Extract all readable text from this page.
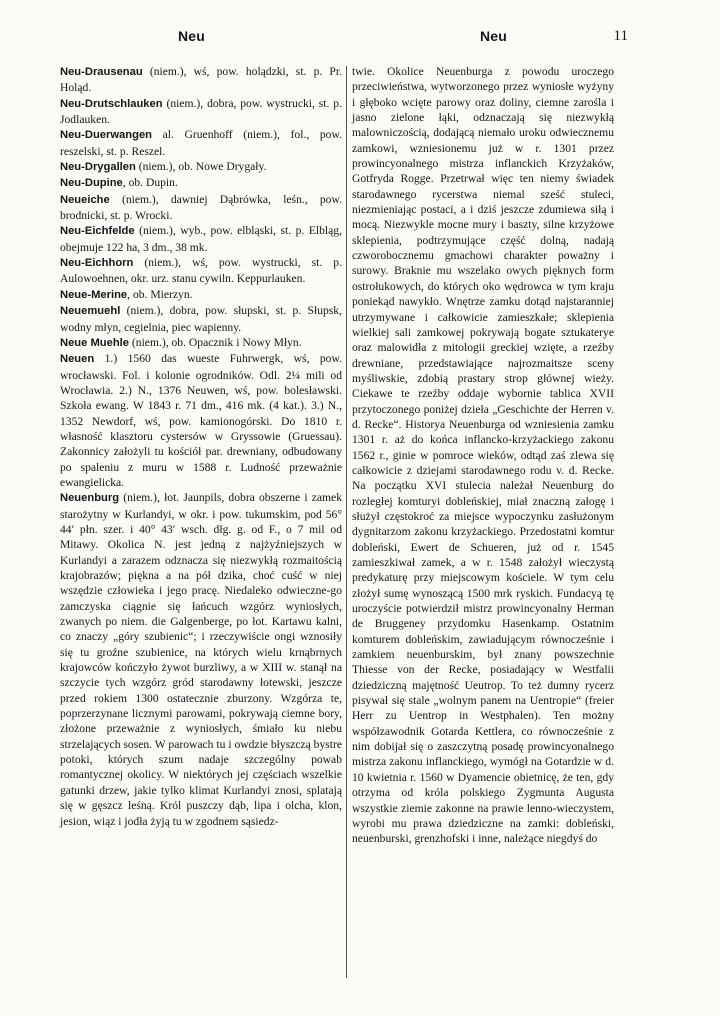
Neu	Neu	11

Neu-Drausenau (niem.), wś, pow. holądzki, st. p. Pr. Holąd.

Neu-Drutschlauken (niem.), dobra, pow. wystrucki, st. p. Jodlauken.

Neu-Duerwangen al. Gruenhoff (niem.), fol., pow. reszelski, st. p. Reszel.

Neu-Drygallen (niem.), ob. Nowe Drygały.

Neu-Dupine, ob. Dupin.

Neueiche (niem.), dawniej Dąbrówka, leśn., pow. brodnicki, st. p. Wrocki.

Neu-Eichfelde (niem.), wyb., pow. elbląski, st. p. Elbląg, obejmuje 122 ha, 3 dm., 38 mk.

Neu-Eichhorn (niem.), wś, pow. wystrucki, st. p. Aulowoehnen, okr. urz. stanu cywiln. Keppurlauken.

Neue-Merine, ob. Mierzyn.

Neuemuehl (niem.), dobra, pow. słupski, st. p. Słupsk, wodny młyn, cegielnia, piec wapienny.

Neue Muehle (niem.), ob. Opacznik i Nowy Młyn.

Neuen 1.) 1560 das wueste Fuhrwergk, wś, pow. wrocławski. Fol. i kolonie ogrodników. Odl. 2¼ mili od Wrocławia. 2.) N., 1376 Neuwen, wś, pow. bolesławski. Szkoła ewang. W 1843 r. 71 dm., 416 mk. (4 kat.). 3.) N., 1352 Newdorf, wś, pow. kamionogórski. Do 1810 r. własność klasztoru cystersów w Gryssowie (Gruessau). Zakonnicy założyli tu kościół par. drewniany, odbudowany po spaleniu z muru w 1588 r. Ludność przeważnie ewangielicka.

Neuenburg (niem.), łot. Jaunpils, dobra obszerne i zamek starożytny w Kurlandyi, w okr. i pow. tukumskim, pod 56° 44′ płn. szer. i 40° 43′ wsch. dłg. g. od F., o 7 mil od Mitawy. Okolica N. jest jedną z najżyźniejszych w Kurlandyi a zarazem odznacza się niezwykłą rozmaitością krajobrazów; piękna a na pół dzika, choć cuść w niej wszędzie człowieka i jego pracę. Niedaleko odwieczne-go zamczyska ciągnie się łańcuch wzgórz wyniosłych, zwanych po niem. die Galgenberge, po łot. Kartawu kalni, co znaczy „góry szubienic“; i rzeczywiście ongi wznosiły się tu groźne szubienice, na których wielu krnąbrnych krajowców kończyło żywot burzliwy, a w XIII w. stanął na szczycie tych wzgórz gród starodawny łotewski, jeszcze przed rokiem 1300 ostatecznie zburzony. Wzgórza te, poprzerzynane licznymi parowami, pokrywają ciemne bory, złożone przeważnie z wyniosłych, śmiało ku niebu strzelających sosen. W parowach tu i owdzie błyszczą bystre potoki, których szum nadaje szczególny powab romantycznej okolicy. W niektórych jej częściach wszelkie gatunki drzew, jakie tylko klimat Kurlandyi znosi, splatają się w gęszcz leśną. Król puszczy dąb, lipa i olcha, klon, jesion, wiąz i jodła żyją tu w zgodnem sąsiedz-

twie. Okolice Neuenburga z powodu uroczego przeciwieństwa, wytworzonego przez wyniosłe wyżyny i głęboko wcięte parowy oraz doliny, ciemne zarośla i jasno zielone łąki, odznaczają się niezwykłą malowniczością, dodającą niemało uroku odwiecznemu zamkowi, wzniesionemu już w r. 1301 przez prowincyonalnego mistrza inflanckich Krzyżaków, Gotfryda Rogge. Przetrwał więc ten niemy świadek starodawnego rycerstwa niemal sześć stuleci, niezmieniając postaci, a i dziś jeszcze zdumiewa siłą i mocą. Niezwykle mocne mury i baszty, silne krzyżowe sklepienia, podtrzymujące część dolną, nadają czworobocznemu gmachowi charakter poważny i surowy. Braknie mu wszelako owych pięknych form ostrołukowych, do których oko wędrowca w tym kraju poniekąd nawykło. Wnętrze zamku dotąd najstaranniej utrzymywane i całkowicie zamieszkałe; sklepienia wielkiej sali zamkowej pokrywają bogate sztukaterye oraz malowidła z mitologii greckiej wzięte, a rzeźby drewniane, przedstawiające najrozmaitsze sceny myśliwskie, zdobią prastary strop głównej wieży. Ciekawe te rzeźby oddaje wybornie tablica XVII przytoczonego poniżej dzieła „Geschichte der Herren v. d. Recke“. Historya Neuenburga od wzniesienia zamku 1301 r. aż do końca inflancko-krzyżackiego zakonu 1562 r., ginie w pomroce wieków, odtąd zaś zlewa się całkowicie z dziejami starodawnego rodu v. d. Recke. Na początku XVI stulecia należał Neuenburg do rozległej komturyi dobleńskiej, miał znaczną załogę i służył częstokroć za miejsce wypoczynku zasłużonym dygnitarzom zakonu krzyżackiego. Przedostatni komtur dobleński, Ewert de Schueren, już od r. 1545 zamieszkiwał zamek, a w r. 1548 założył wieczystą predykaturę przy miejscowym kościele. W tym celu złożył sumę wynoszącą 1500 mrk ryskich. Fundacyą tę uroczyście potwierdził mistrz prowincyonalny Herman de Bruggeney przydomku Hasenkamp. Ostatnim komturem dobleńskim, zawiadującym równocześnie i zamkiem neuenburskim, był znany powszechnie Thiesse von der Recke, posiadający w Westfalii dziedziczną majętność Ueutrop. To też dumny rycerz pisywał się stale „wolnym panem na Uentropie“ (freier Herr zu Uentrop in Westphalen). Ten możny współzawodnik Gotarda Kettlera, co równocześnie z nim dobijał się o zaszczytną posadę prowincyonalnego mistrza zakonu inflanckiego, wymógł na Gotardzie w d. 10 kwietnia r. 1560 w Dyamencie obietnicę, że ten, gdy otrzyma od króla polskiego Zygmunta Augusta wszystkie ziemie zakonne na prawie lenno-wieczystem, wyrobi mu prawa dziedziczne na zamki: dobleński, neuenburski, grenzhofski i inne, należące niegdyś do
